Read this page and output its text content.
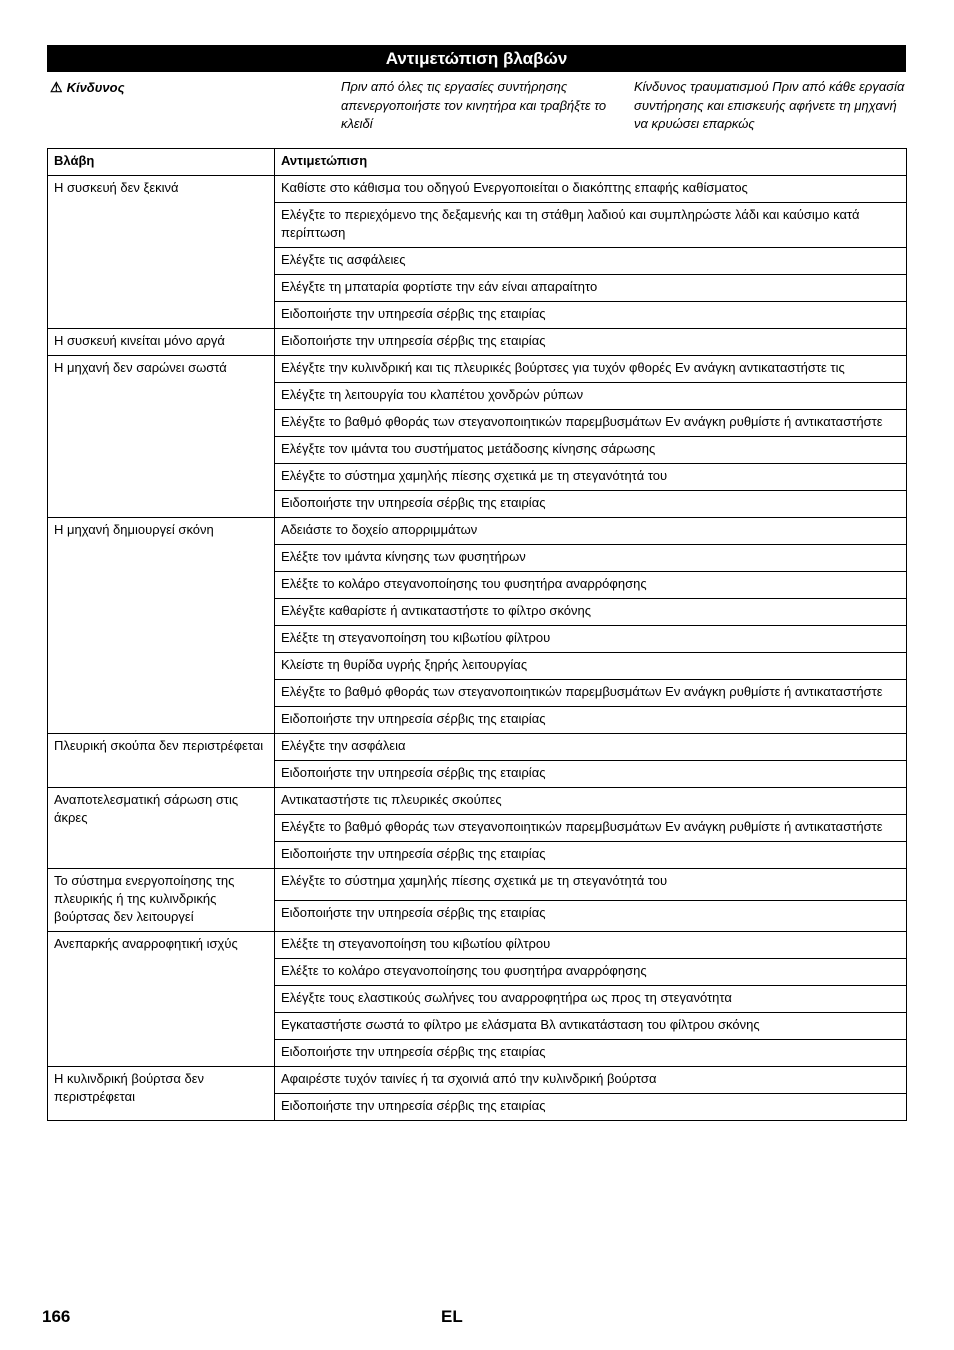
Αντιμετώπιση βλαβών
⚠ Κίνδυνος	Πριν από όλες τις εργασίες συντήρησης απενεργοποιήστε τον κινητήρα και τραβήξτε το κλειδί
Κίνδυνος τραυματισμού Πριν από κάθε εργασία συντήρησης και επισκευής αφήνετε τη μηχανή να κρυώσει επαρκώς
Βλάβη	Αντιμετώπιση
Η συσκευή δεν ξεκινά	Καθίστε στο κάθισμα του οδηγού Ενεργοποιείται ο διακόπτης επαφής καθίσματος
	Ελέγξτε το περιεχόμενο της δεξαμενής και τη στάθμη λαδιού και συμπληρώστε λάδι και καύσιμο κατά περίπτωση
	Ελέγξτε τις ασφάλειες
	Ελέγξτε τη μπαταρία φορτίστε την εάν είναι απαραίτητο
	Ειδοποιήστε την υπηρεσία σέρβις της εταιρίας
Η συσκευή κινείται μόνο αργά	Ειδοποιήστε την υπηρεσία σέρβις της εταιρίας
Η μηχανή δεν σαρώνει σωστά	Ελέγξτε την κυλινδρική και τις πλευρικές βούρτσες για τυχόν φθορές Εν ανάγκη αντικαταστήστε τις
	Ελέγξτε τη λειτουργία του κλαπέτου χονδρών ρύπων
	Ελέγξτε το βαθμό φθοράς των στεγανοποιητικών παρεμβυσμάτων Εν ανάγκη ρυθμίστε ή αντικαταστήστε
	Ελέγξτε τον ιμάντα του συστήματος μετάδοσης κίνησης σάρωσης
	Ελέγξτε το σύστημα χαμηλής πίεσης σχετικά με τη στεγανότητά του
	Ειδοποιήστε την υπηρεσία σέρβις της εταιρίας
Η μηχανή δημιουργεί σκόνη	Αδειάστε το δοχείο απορριμμάτων
	Ελέξτε τον ιμάντα κίνησης των φυσητήρων
	Ελέξτε το κολάρο στεγανοποίησης του φυσητήρα αναρρόφησης
	Ελέγξτε καθαρίστε ή αντικαταστήστε το φίλτρο σκόνης
	Ελέξτε τη στεγανοποίηση του κιβωτίου φίλτρου
	Κλείστε τη θυρίδα υγρής ξηρής λειτουργίας
	Ελέγξτε το βαθμό φθοράς των στεγανοποιητικών παρεμβυσμάτων Εν ανάγκη ρυθμίστε ή αντικαταστήστε
	Ειδοποιήστε την υπηρεσία σέρβις της εταιρίας
Πλευρική σκούπα δεν περιστρέφεται	Ελέγξτε την ασφάλεια
	Ειδοποιήστε την υπηρεσία σέρβις της εταιρίας
Αναποτελεσματική σάρωση στις άκρες	Αντικαταστήστε τις πλευρικές σκούπες
	Ελέγξτε το βαθμό φθοράς των στεγανοποιητικών παρεμβυσμάτων Εν ανάγκη ρυθμίστε ή αντικαταστήστε
	Ειδοποιήστε την υπηρεσία σέρβις της εταιρίας
Το σύστημα ενεργοποίησης της πλευρικής ή της κυλινδρικής βούρτσας δεν λειτουργεί	Ελέγξτε το σύστημα χαμηλής πίεσης σχετικά με τη στεγανότητά του
	Ειδοποιήστε την υπηρεσία σέρβις της εταιρίας
Ανεπαρκής αναρροφητική ισχύς	Ελέξτε τη στεγανοποίηση του κιβωτίου φίλτρου
	Ελέξτε το κολάρο στεγανοποίησης του φυσητήρα αναρρόφησης
	Ελέγξτε τους ελαστικούς σωλήνες του αναρροφητήρα ως προς τη στεγανότητα
	Εγκαταστήστε σωστά το φίλτρο με ελάσματα Βλ αντικατάσταση του φίλτρου σκόνης
	Ειδοποιήστε την υπηρεσία σέρβις της εταιρίας
Η κυλινδρική βούρτσα δεν περιστρέφεται	Αφαιρέστε τυχόν ταινίες ή τα σχοινιά από την κυλινδρική βούρτσα
	Ειδοποιήστε την υπηρεσία σέρβις της εταιρίας
166	EL
